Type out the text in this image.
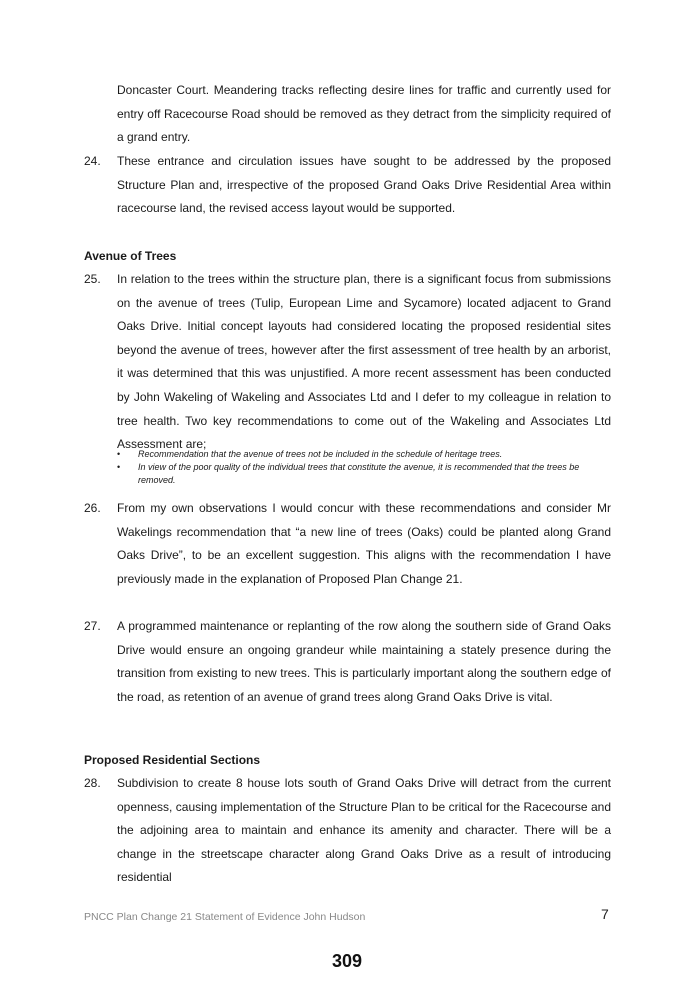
Doncaster Court. Meandering tracks reflecting desire lines for traffic and currently used for entry off Racecourse Road should be removed as they detract from the simplicity required of a grand entry.
24. These entrance and circulation issues have sought to be addressed by the proposed Structure Plan and, irrespective of the proposed Grand Oaks Drive Residential Area within racecourse land, the revised access layout would be supported.
Avenue of Trees
25. In relation to the trees within the structure plan, there is a significant focus from submissions on the avenue of trees (Tulip, European Lime and Sycamore) located adjacent to Grand Oaks Drive. Initial concept layouts had considered locating the proposed residential sites beyond the avenue of trees, however after the first assessment of tree health by an arborist, it was determined that this was unjustified. A more recent assessment has been conducted by John Wakeling of Wakeling and Associates Ltd and I defer to my colleague in relation to tree health. Two key recommendations to come out of the Wakeling and Associates Ltd Assessment are;
• Recommendation that the avenue of trees not be included in the schedule of heritage trees.
• In view of the poor quality of the individual trees that constitute the avenue, it is recommended that the trees be removed.
26. From my own observations I would concur with these recommendations and consider Mr Wakelings recommendation that “a new line of trees (Oaks) could be planted along Grand Oaks Drive”, to be an excellent suggestion. This aligns with the recommendation I have previously made in the explanation of Proposed Plan Change 21.
27. A programmed maintenance or replanting of the row along the southern side of Grand Oaks Drive would ensure an ongoing grandeur while maintaining a stately presence during the transition from existing to new trees. This is particularly important along the southern edge of the road, as retention of an avenue of grand trees along Grand Oaks Drive is vital.
Proposed Residential Sections
28. Subdivision to create 8 house lots south of Grand Oaks Drive will detract from the current openness, causing implementation of the Structure Plan to be critical for the Racecourse and the adjoining area to maintain and enhance its amenity and character. There will be a change in the streetscape character along Grand Oaks Drive as a result of introducing residential
PNCC Plan Change 21 Statement of Evidence John Hudson	7
309
